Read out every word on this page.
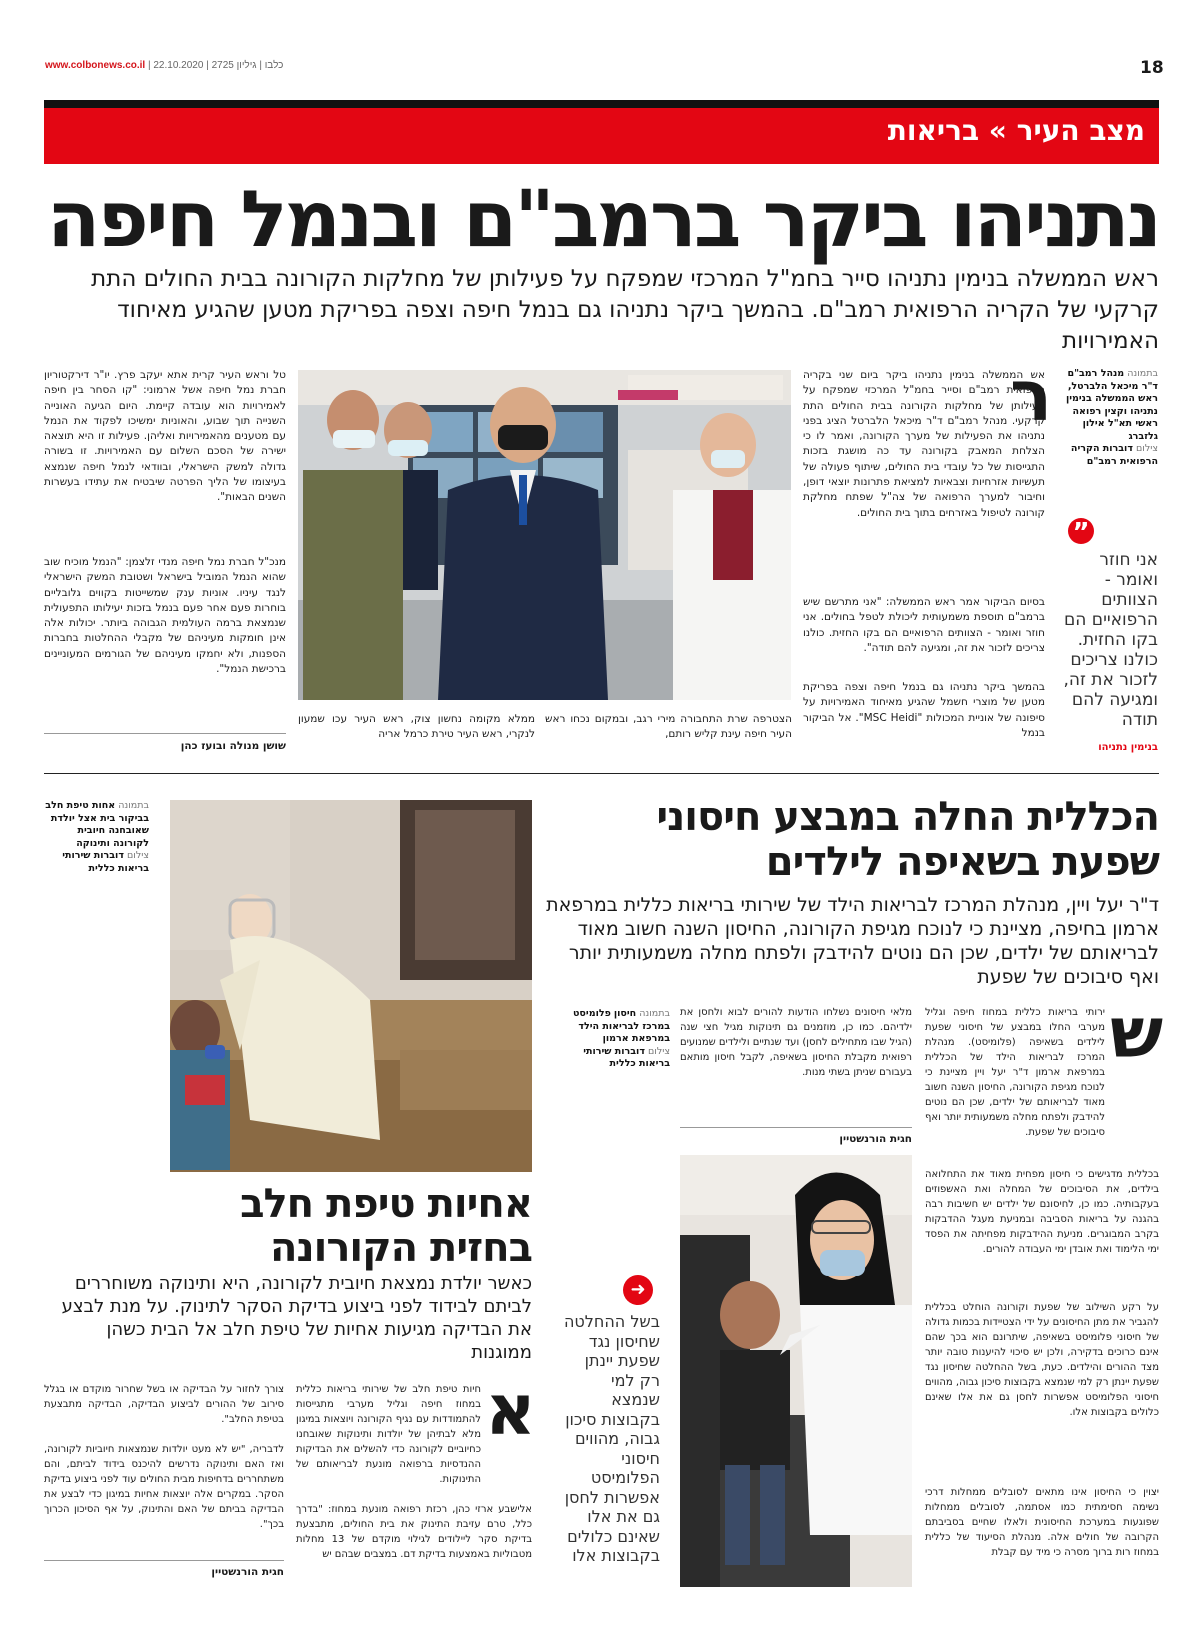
www.colbonews.co.il | כלבו | גיליון 2725 | 22.10.2020	18
מצב העיר » בריאות
נתניהו ביקר ברמב"ם ובנמל חיפה
ראש הממשלה בנימין נתניהו סייר בחמ"ל המרכזי שמפקח על פעילותן של מחלקות הקורונה בבית החולים התת קרקעי של הקריה הרפואית רמב"ם. בהמשך ביקר נתניהו גם בנמל חיפה וצפה בפריקת מטען שהגיע מאיחוד האמירויות
בתמונה מנהל רמב"ם ד"ר מיכאל הלברטל, ראש הממשלה בנימין נתניהו וקצין רפואה ראשי תא"ל אילון גלזברג
צילום דוברות הקריה הרפואית רמב"ם
”
אני חוזר ואומר - הצוותים הרפואיים הם בקו החזית. כולנו צריכים לזכור את זה, ומגיעה להם תודה
בנימין נתניהו
ר
אש הממשלה בנימין נתניהו ביקר ביום שני בקריה הרפואית רמב"ם וסייר בחמ"ל המרכזי שמפקח על פעילותן של מחלקות הקורונה בבית החולים התת קרקעי. מנהל רמב"ם ד"ר מיכאל הלברטל הציג בפני נתניהו את הפעילות של מערך הקורונה, ואמר לו כי הצלחת המאבק בקורונה עד כה מושגת בזכות התגייסות של כל עובדי בית החולים, שיתוף פעולה של תעשיות אזרחיות וצבאיות למציאת פתרונות יוצאי דופן, וחיבור למערך הרפואה של צה"ל שפתח מחלקת קורונה לטיפול באזרחים בתוך בית החולים.
בסיום הביקור אמר ראש הממשלה: "אני מתרשם שיש ברמב"ם תוספת משמעותית ליכולת לטפל בחולים. אני חוזר ואומר - הצוותים הרפואיים הם בקו החזית. כולנו צריכים לזכור את זה, ומגיעה להם תודה".
בהמשך ביקר נתניהו גם בנמל חיפה וצפה בפריקת מטען של מוצרי חשמל שהגיע מאיחוד האמירויות על סיפונה של אוניית המכולות "MSC Heidi". אל הביקור בנמל
הצטרפה שרת התחבורה מירי רגב, ובמקום נכחו ראש העיר חיפה עינת קליש רותם,
ממלא מקומה נחשון צוק, ראש העיר עכו שמעון לנקרי, ראש העיר טירת כרמל אריה
טל וראש העיר קרית אתא יעקב פרץ. יו"ר דירקטוריון חברת נמל חיפה אשל ארמוני: "קו הסחר בין חיפה לאמירויות הוא עובדה קיימת. היום הגיעה האונייה השנייה תוך שבוע, והאוניות ימשיכו לפקוד את הנמל עם מטענים מהאמירויות ואליהן. פעילות זו היא תוצאה ישירה של הסכם השלום עם האמירויות. זו בשורה גדולה למשק הישראלי, ובוודאי לנמל חיפה שנמצא בעיצומו של הליך הפרטה שיבטיח את עתידו בעשרות השנים הבאות".
מנכ"ל חברת נמל חיפה מנדי זלצמן: "הנמל מוכיח שוב שהוא הנמל המוביל בישראל ושטובת המשק הישראלי לנגד עיניו. אוניות ענק שמשייטות בקווים גלובליים בוחרות פעם אחר פעם בנמל בזכות יעילותו התפעולית שנמצאת ברמה העולמית הגבוהה ביותר. יכולות אלה אינן חומקות מעיניהם של מקבלי ההחלטות בחברות הספנות, ולא יחמקו מעיניהם של הגורמים המעוניינים ברכישת הנמל".
שושן מנולה ובועז כהן
הכללית החלה במבצע חיסוני
שפעת בשאיפה לילדים
ד"ר יעל ויין, מנהלת המרכז לבריאות הילד של שירותי בריאות כללית במרפאת ארמון בחיפה, מציינת כי לנוכח מגיפת הקורונה, החיסון השנה חשוב מאוד לבריאותם של ילדים, שכן הם נוטים להידבק ולפתח מחלה משמעותית יותר ואף סיבוכים של שפעת
ש
ירותי בריאות כללית במחוז חיפה וגליל מערבי החלו במבצע של חיסוני שפעת לילדים בשאיפה (פלומיסט). מנהלת המרכז לבריאות הילד של הכללית במרפאת ארמון ד"ר יעל ויין מציינת כי לנוכח מגיפת הקורונה, החיסון השנה חשוב מאוד לבריאותם של ילדים, שכן הם נוטים להידבק ולפתח מחלה משמעותית יותר ואף סיבוכים של שפעת.
בכללית מדגישים כי חיסון מפחית מאוד את התחלואה בילדים, את הסיבוכים של המחלה ואת האשפוזים בעקבותיה. כמו כן, לחיסונם של ילדים יש חשיבות רבה בהגנה על בריאות הסביבה ובמניעת מעגל ההדבקות בקרב המבוגרים. מניעת ההידבקות מפחיתה את הפסד ימי הלימוד ואת אובדן ימי העבודה להורים.
על רקע השילוב של שפעת וקורונה הוחלט בכללית להגביר את מתן החיסונים על ידי הצטיידות בכמות גדולה של חיסוני פלומיסט בשאיפה, שיתרונם הוא בכך שהם אינם כרוכים בדקירה, ולכן יש סיכוי להיענות טובה יותר מצד ההורים והילדים. כעת, בשל ההחלטה שחיסון נגד שפעת יינתן רק למי שנמצא בקבוצות סיכון גבוה, מהווים חיסוני הפלומיסט אפשרות לחסן גם את אלו שאינם כלולים בקבוצות אלו.
יצוין כי החיסון אינו מתאים לסובלים ממחלות דרכי נשימה חסימתית כמו אסתמה, לסובלים ממחלות שפוגעות במערכת החיסונית ולאלו שחיים בסביבתם הקרובה של חולים אלה. מנהלת הסיעוד של כללית במחוז רות ברוך מסרה כי מיד עם קבלת
מלאי חיסונים נשלחו הודעות להורים לבוא ולחסן את ילדיהם. כמו כן, מוזמנים גם תינוקות מגיל חצי שנה (הגיל שבו מתחילים לחסן) ועד שנתיים ולילדים שמנועים רפואית מקבלת החיסון בשאיפה, לקבל חיסון מותאם בעבורם שניתן בשתי מנות.
חגית הורנשטיין
בתמונה חיסון פלומיסט במרכז לבריאות הילד במרפאת ארמון
צילום דוברות שירותי בריאות כללית
➜
בשל ההחלטה שחיסון נגד שפעת יינתן רק למי שנמצא בקבוצות סיכון גבוה, מהווים חיסוני הפלומיסט אפשרות לחסן גם את אלו שאינם כלולים בקבוצות אלו
בתמונה אחות טיפת חלב בביקור בית אצל יולדת שאובחנה חיובית לקורונה ותינוקה
צילום דוברות שירותי בריאות כללית
אחיות טיפת חלב
בחזית הקורונה
כאשר יולדת נמצאת חיובית לקורונה, היא ותינוקה משוחררים לביתם לבידוד לפני ביצוע בדיקת הסקר לתינוק. על מנת לבצע את הבדיקה מגיעות אחיות של טיפת חלב אל הבית כשהן ממוגנות
א
חיות טיפת חלב של שירותי בריאות כללית במחוז חיפה וגליל מערבי מתגייסות להתמודדות עם נגיף הקורונה ויוצאות במיגון מלא לבתיהן של יולדות ותינוקות שאובחנו כחיוביים לקורונה כדי להשלים את הבדיקות ההנדסיות ברפואה מונעת לבריאותם של התינוקות.
אלישבע ארזי כהן, רכזת רפואה מונעת במחוז: "בדרך כלל, טרם עזיבת התינוק את בית החולים, מתבצעת בדיקת סקר ליילודים לגילוי מוקדם של 13 מחלות מטבוליות באמצעות בדיקת דם. במצבים שבהם יש
צורך לחזור על הבדיקה או בשל שחרור מוקדם או בגלל סירוב של ההורים לביצוע הבדיקה, הבדיקה מתבצעת בטיפת החלב".
לדבריה, "יש לא מעט יולדות שנמצאות חיוביות לקורונה, ואז האם ותינוקה נדרשים להיכנס בידוד לביתם, והם משתחררים בדחיפות מבית החולים עוד לפני ביצוע בדיקת הסקר. במקרים אלה יוצאות אחיות במיגון כדי לבצע את הבדיקה בביתם של האם והתינוק, על אף הסיכון הכרוך בכך".
חגית הורנשטיין
